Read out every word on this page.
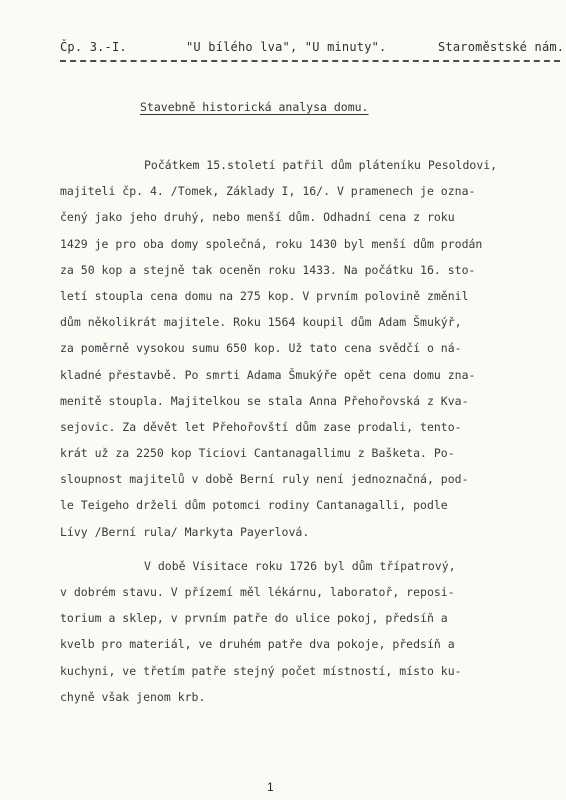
Čp. 3.-I.	"U bílého lva", "U minuty".	Staroměstské nám.
Stavebně historická analysa domu.
Počátkem 15.století patřil dům pláteníku Pesoldovi,
majiteli čp. 4. /Tomek, Základy I, 16/. V pramenech je ozna-
čený jako jeho druhý, nebo menší dům. Odhadní cena z roku
1429 je pro oba domy společná, roku 1430 byl menší dům prodán
za 50 kop a stejně tak oceněn roku 1433. Na počátku 16. sto-
letí stoupla cena domu na 275 kop. V prvním polovině změnil
dům několikrát majitele. Roku 1564 koupil dům Adam Šmukýř,
za poměrně vysokou sumu 650 kop. Už tato cena svědčí o ná-
kladné přestavbě. Po smrti Adama Šmukýře opět cena domu zna-
menitě stoupla. Majitelkou se stala Anna Přehořovská z Kva-
sejovic. Za děvět let Přehořovští dům zase prodali, tento-
krát už za 2250 kop Ticiovi Cantanagallimu z Bašketa. Po-
sloupnost majitelů v době Berní ruly není jednoznačná, pod-
le Teigeho drželi dům potomci rodiny Cantanagalli, podle
Lívy /Berní rula/ Markyta Payerlová.
V době Visitace roku 1726 byl dům třípatrový,
v dobrém stavu. V přízemí měl lékárnu, laboratoř, reposi-
torium a sklep, v prvním patře do ulice pokoj, předsíň a
kvelb pro materiál, ve druhém patře dva pokoje, předsíň a
kuchyni, ve třetím patře stejný počet místností, místo ku-
chyně však jenom krb.
1
